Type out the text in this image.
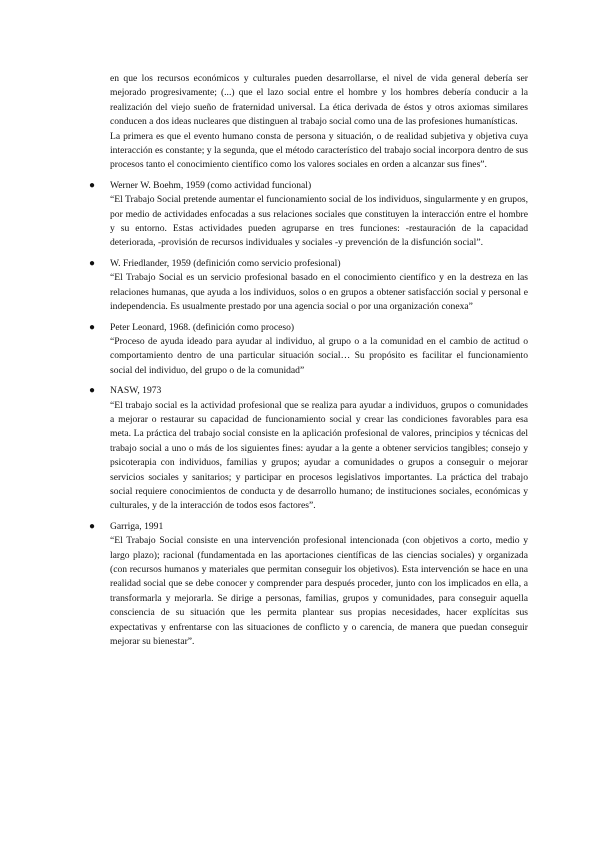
en que los recursos económicos y culturales pueden desarrollarse, el nivel de vida general debería ser mejorado progresivamente; (...) que el lazo social entre el hombre y los hombres debería conducir a la realización del viejo sueño de fraternidad universal. La ética derivada de éstos y otros axiomas similares conducen a dos ideas nucleares que distinguen al trabajo social como una de las profesiones humanísticas.

La primera es que el evento humano consta de persona y situación, o de realidad subjetiva y objetiva cuya interacción es constante; y la segunda, que el método característico del trabajo social incorpora dentro de sus procesos tanto el conocimiento científico como los valores sociales en orden a alcanzar sus fines”.

● Werner W. Boehm, 1959 (como actividad funcional)

“El Trabajo Social pretende aumentar el funcionamiento social de los individuos, singularmente y en grupos, por medio de actividades enfocadas a sus relaciones sociales que constituyen la interacción entre el hombre y su entorno. Estas actividades pueden agruparse en tres funciones: -restauración de la capacidad deteriorada, -provisión de recursos individuales y sociales -y prevención de la disfunción social”.

● W. Friedlander, 1959 (definición como servicio profesional)

“El Trabajo Social es un servicio profesional basado en el conocimiento científico y en la destreza en las relaciones humanas, que ayuda a los individuos, solos o en grupos a obtener satisfacción social y personal e independencia. Es usualmente prestado por una agencia social o por una organización conexa”

● Peter Leonard, 1968. (definición como proceso)

“Proceso de ayuda ideado para ayudar al individuo, al grupo o a la comunidad en el cambio de actitud o comportamiento dentro de una particular situación social… Su propósito es facilitar el funcionamiento social del individuo, del grupo o de la comunidad”

● NASW, 1973

“El trabajo social es la actividad profesional que se realiza para ayudar a individuos, grupos o comunidades a mejorar o restaurar su capacidad de funcionamiento social y crear las condiciones favorables para esa meta. La práctica del trabajo social consiste en la aplicación profesional de valores, principios y técnicas del trabajo social a uno o más de los siguientes fines: ayudar a la gente a obtener servicios tangibles; consejo y psicoterapia con individuos, familias y grupos; ayudar a comunidades o grupos a conseguir o mejorar servicios sociales y sanitarios; y participar en procesos legislativos importantes. La práctica del trabajo social requiere conocimientos de conducta y de desarrollo humano; de instituciones sociales, económicas y culturales, y de la interacción de todos esos factores”.

● Garriga, 1991

“El Trabajo Social consiste en una intervención profesional intencionada (con objetivos a corto, medio y largo plazo); racional (fundamentada en las aportaciones científicas de las ciencias sociales) y organizada (con recursos humanos y materiales que permitan conseguir los objetivos). Esta intervención se hace en una realidad social que se debe conocer y comprender para después proceder, junto con los implicados en ella, a transformarla y mejorarla. Se dirige a personas, familias, grupos y comunidades, para conseguir aquella consciencia de su situación que les permita plantear sus propias necesidades, hacer explícitas sus expectativas y enfrentarse con las situaciones de conflicto y o carencia, de manera que puedan conseguir mejorar su bienestar”.
